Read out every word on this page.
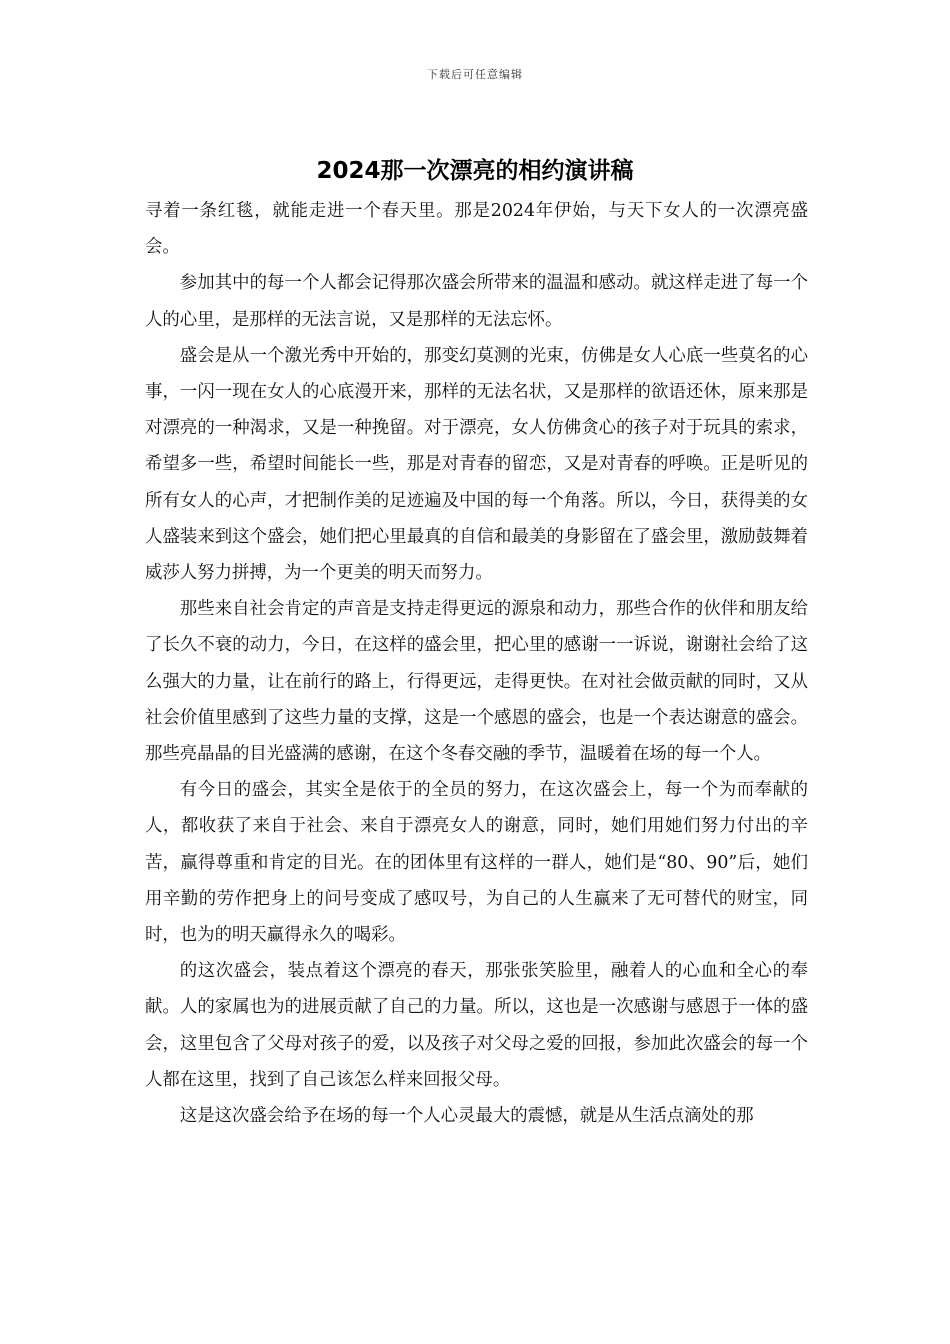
下载后可任意编辑
2024那一次漂亮的相约演讲稿

寻着一条红毯，就能走进一个春天里。那是2024年伊始，与天下女人的一次漂亮盛会。

参加其中的每一个人都会记得那次盛会所带来的温温和感动。就这样走进了每一个人的心里，是那样的无法言说，又是那样的无法忘怀。

盛会是从一个激光秀中开始的，那变幻莫测的光束，仿佛是女人心底一些莫名的心事，一闪一现在女人的心底漫开来，那样的无法名状，又是那样的欲语还休，原来那是对漂亮的一种渴求，又是一种挽留。对于漂亮，女人仿佛贪心的孩子对于玩具的索求，希望多一些，希望时间能长一些，那是对青春的留恋，又是对青春的呼唤。正是听见的所有女人的心声，才把制作美的足迹遍及中国的每一个角落。所以，今日，获得美的女人盛装来到这个盛会，她们把心里最真的自信和最美的身影留在了盛会里，激励鼓舞着威莎人努力拼搏，为一个更美的明天而努力。

那些来自社会肯定的声音是支持走得更远的源泉和动力，那些合作的伙伴和朋友给了长久不衰的动力，今日，在这样的盛会里，把心里的感谢一一诉说，谢谢社会给了这么强大的力量，让在前行的路上，行得更远，走得更快。在对社会做贡献的同时，又从社会价值里感到了这些力量的支撑，这是一个感恩的盛会，也是一个表达谢意的盛会。那些亮晶晶的目光盛满的感谢，在这个冬春交融的季节，温暖着在场的每一个人。

有今日的盛会，其实全是依于的全员的努力，在这次盛会上，每一个为而奉献的人，都收获了来自于社会、来自于漂亮女人的谢意，同时，她们用她们努力付出的辛苦，赢得尊重和肯定的目光。在的团体里有这样的一群人，她们是“80、90”后，她们用辛勤的劳作把身上的问号变成了感叹号，为自己的人生赢来了无可替代的财宝，同时，也为的明天赢得永久的喝彩。

的这次盛会，装点着这个漂亮的春天，那张张笑脸里，融着人的心血和全心的奉献。人的家属也为的进展贡献了自己的力量。所以，这也是一次感谢与感恩于一体的盛会，这里包含了父母对孩子的爱，以及孩子对父母之爱的回报，参加此次盛会的每一个人都在这里，找到了自己该怎么样来回报父母。

这是这次盛会给予在场的每一个人心灵最大的震憾，就是从生活点滴处的那
